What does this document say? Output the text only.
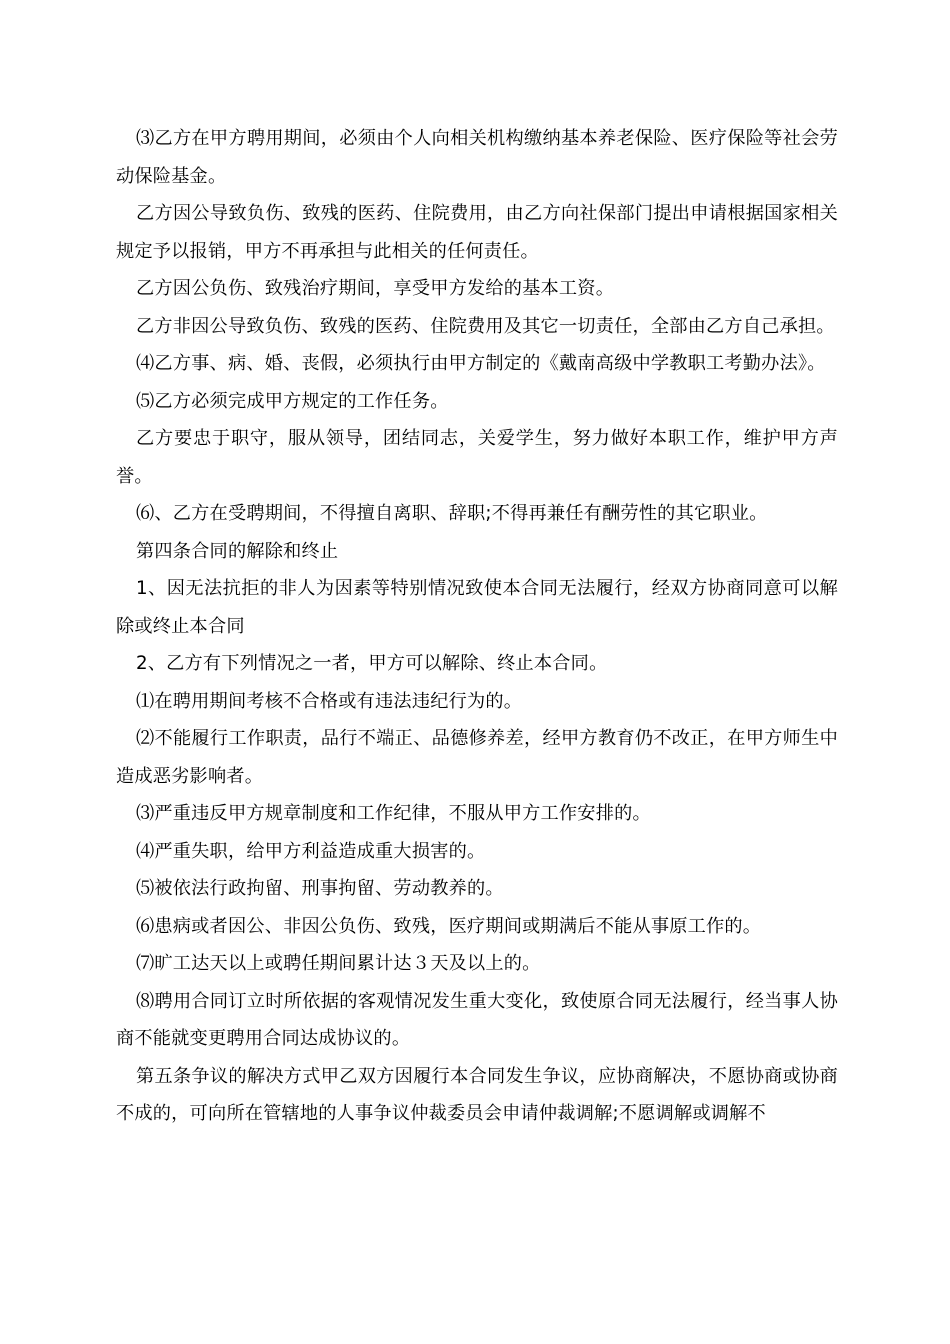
⑶乙方在甲方聘用期间，必须由个人向相关机构缴纳基本养老保险、医疗保险等社会劳动保险基金。

乙方因公导致负伤、致残的医药、住院费用，由乙方向社保部门提出申请根据国家相关规定予以报销，甲方不再承担与此相关的任何责任。

乙方因公负伤、致残治疗期间，享受甲方发给的基本工资。

乙方非因公导致负伤、致残的医药、住院费用及其它一切责任，全部由乙方自己承担。

⑷乙方事、病、婚、丧假，必须执行由甲方制定的《戴南高级中学教职工考勤办法》。

⑸乙方必须完成甲方规定的工作任务。

乙方要忠于职守，服从领导，团结同志，关爱学生，努力做好本职工作，维护甲方声誉。

⑹、乙方在受聘期间，不得擅自离职、辞职;不得再兼任有酬劳性的其它职业。

第四条合同的解除和终止

1、因无法抗拒的非人为因素等特别情况致使本合同无法履行，经双方协商同意可以解除或终止本合同

2、乙方有下列情况之一者，甲方可以解除、终止本合同。

⑴在聘用期间考核不合格或有违法违纪行为的。

⑵不能履行工作职责，品行不端正、品德修养差，经甲方教育仍不改正，在甲方师生中造成恶劣影响者。

⑶严重违反甲方规章制度和工作纪律，不服从甲方工作安排的。

⑷严重失职，给甲方利益造成重大损害的。

⑸被依法行政拘留、刑事拘留、劳动教养的。

⑹患病或者因公、非因公负伤、致残，医疗期间或期满后不能从事原工作的。

⑺旷工达天以上或聘任期间累计达３天及以上的。

⑻聘用合同订立时所依据的客观情况发生重大变化，致使原合同无法履行，经当事人协商不能就变更聘用合同达成协议的。

第五条争议的解决方式甲乙双方因履行本合同发生争议，应协商解决，不愿协商或协商不成的，可向所在管辖地的人事争议仲裁委员会申请仲裁调解;不愿调解或调解不
